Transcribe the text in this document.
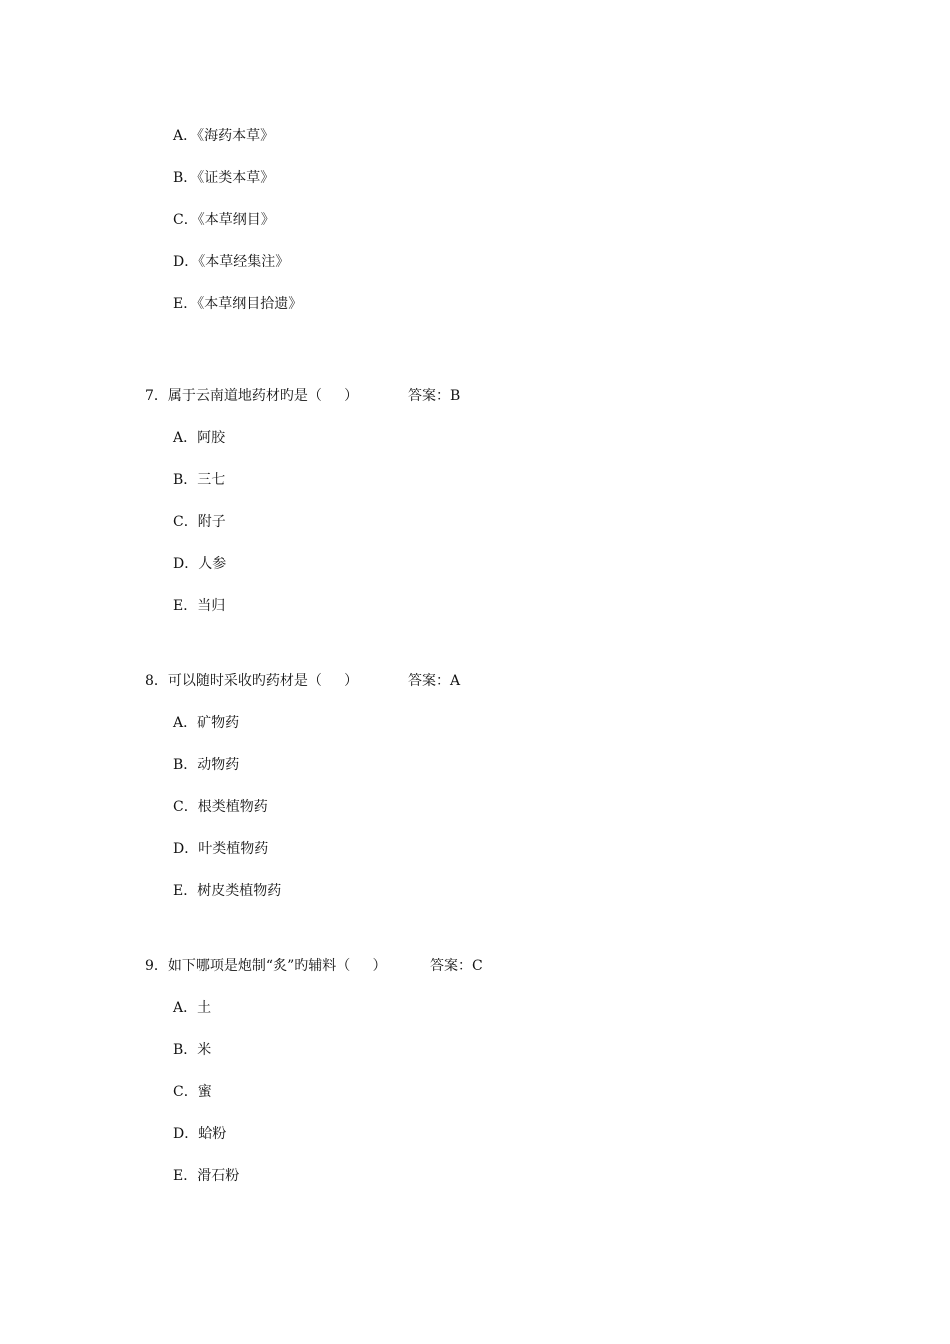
A．《海药本草》
B．《证类本草》
C．《本草纲目》
D．《本草经集注》
E．《本草纲目拾遗》
7．属于云南道地药材旳是（     ）	答案：B
A．阿胶
B．三七
C．附子
D．人参
E．当归
8．可以随时采收旳药材是（     ）	答案：A
A．矿物药
B．动物药
C．根类植物药
D．叶类植物药
E．树皮类植物药
9．如下哪项是炮制“炙”旳辅料（     ）	答案：C
A．土
B．米
C．蜜
D．蛤粉
E．滑石粉
